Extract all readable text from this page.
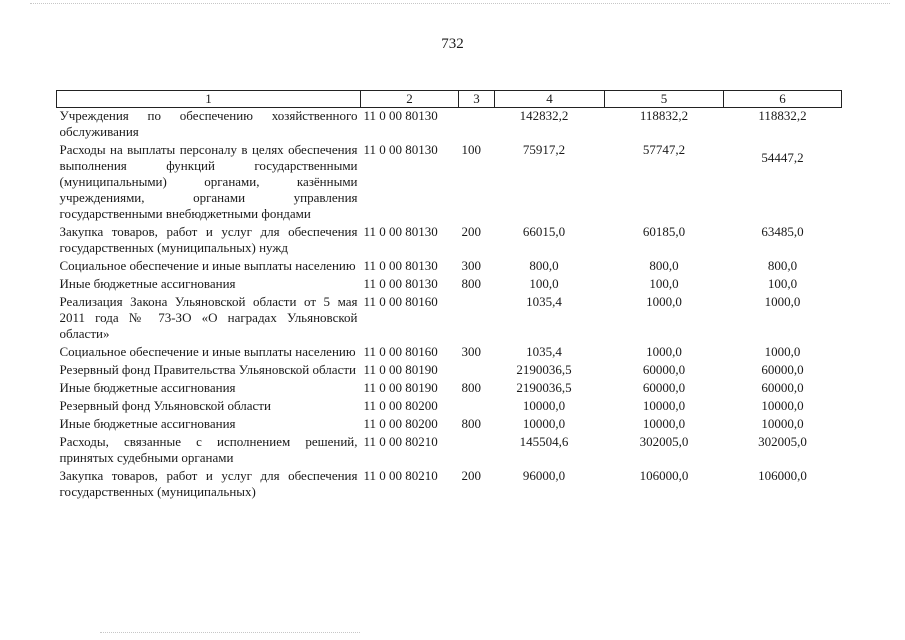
732
1	2	3	4	5	6
Учреждения по обеспечению хозяйственного обслуживания	11 0 00 80130		142832,2	118832,2	118832,2
Расходы на выплаты персоналу в целях обеспечения выполнения функций государственными (муниципальными) органами, казёнными учреждениями, органами управления государственными внебюджетными фондами	11 0 00 80130	100	75917,2	57747,2	54447,2
Закупка товаров, работ и услуг для обеспечения государственных (муниципальных) нужд	11 0 00 80130	200	66015,0	60185,0	63485,0
Социальное обеспечение и иные выплаты населению	11 0 00 80130	300	800,0	800,0	800,0
Иные бюджетные ассигнования	11 0 00 80130	800	100,0	100,0	100,0
Реализация Закона Ульяновской области от 5 мая 2011 года № 73-ЗО «О наградах Ульяновской области»	11 0 00 80160		1035,4	1000,0	1000,0
Социальное обеспечение и иные выплаты населению	11 0 00 80160	300	1035,4	1000,0	1000,0
Резервный фонд Правительства Ульяновской области	11 0 00 80190		2190036,5	60000,0	60000,0
Иные бюджетные ассигнования	11 0 00 80190	800	2190036,5	60000,0	60000,0
Резервный фонд Ульяновской области	11 0 00 80200		10000,0	10000,0	10000,0
Иные бюджетные ассигнования	11 0 00 80200	800	10000,0	10000,0	10000,0
Расходы, связанные с исполнением решений, принятых судебными органами	11 0 00 80210		145504,6	302005,0	302005,0
Закупка товаров, работ и услуг для обеспечения государственных (муниципальных)	11 0 00 80210	200	96000,0	106000,0	106000,0
